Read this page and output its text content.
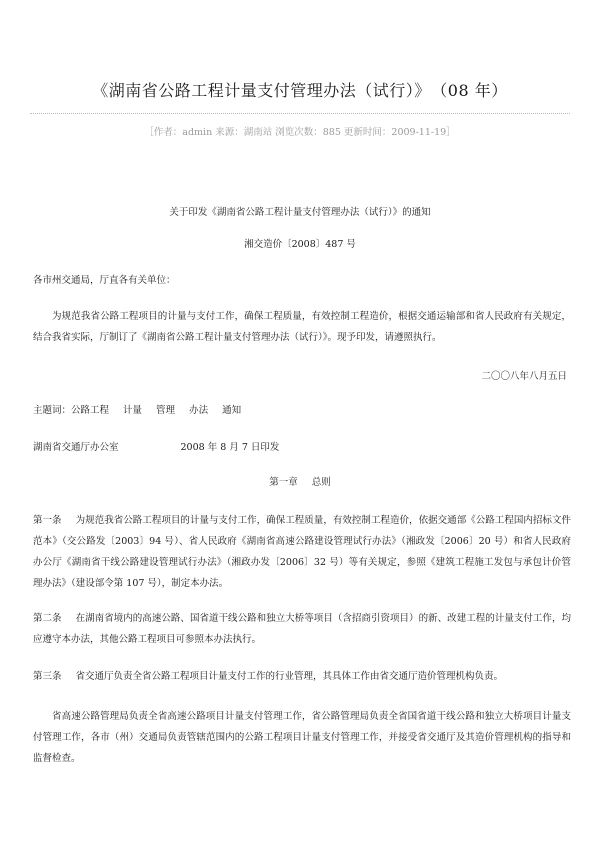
《湖南省公路工程计量支付管理办法（试行）》　（08 年）
［作者：admin 来源：湖南站 浏览次数：885 更新时间：2009-11-19］
关于印发《湖南省公路工程计量支付管理办法（试行）》的通知
湘交造价〔2008〕487 号
各市州交通局，厅直各有关单位：
为规范我省公路工程项目的计量与支付工作，确保工程质量，有效控制工程造价，根据交通运输部和省人民政府有关规定，结合我省实际，厅制订了《湖南省公路工程计量支付管理办法（试行）》。现予印发，请遵照执行。
二〇〇八年八月五日
主题词：公路工程 计量 管理 办法 通知
湖南省交通厅办公室	2008 年 8 月 7 日印发
第一章 总则
第一条 为规范我省公路工程项目的计量与支付工作，确保工程质量，有效控制工程造价，依据交通部《公路工程国内招标文件范本》（交公路发〔2003〕94 号）、省人民政府《湖南省高速公路建设管理试行办法》（湘政发〔2006〕20 号）和省人民政府办公厅《湖南省干线公路建设管理试行办法》（湘政办发〔2006〕32 号）等有关规定，参照《建筑工程施工发包与承包计价管理办法》（建设部令第 107 号），制定本办法。
第二条 在湖南省境内的高速公路、国省道干线公路和独立大桥等项目（含招商引资项目）的新、改建工程的计量支付工作，均应遵守本办法，其他公路工程项目可参照本办法执行。
第三条 省交通厅负责全省公路工程项目计量支付工作的行业管理，其具体工作由省交通厅造价管理机构负责。
省高速公路管理局负责全省高速公路项目计量支付管理工作，省公路管理局负责全省国省道干线公路和独立大桥项目计量支付管理工作，各市（州）交通局负责管辖范围内的公路工程项目计量支付管理工作，并接受省交通厅及其造价管理机构的指导和监督检查。
